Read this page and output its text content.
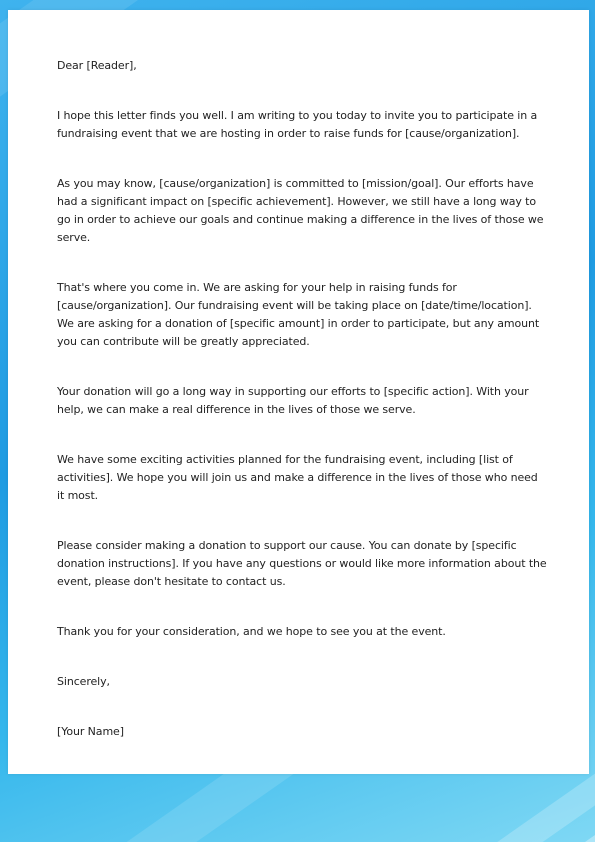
Dear [Reader],

I hope this letter finds you well. I am writing to you today to invite you to participate in a fundraising event that we are hosting in order to raise funds for [cause/organization].

As you may know, [cause/organization] is committed to [mission/goal]. Our efforts have had a significant impact on [specific achievement]. However, we still have a long way to go in order to achieve our goals and continue making a difference in the lives of those we serve.

That's where you come in. We are asking for your help in raising funds for [cause/organization]. Our fundraising event will be taking place on [date/time/location]. We are asking for a donation of [specific amount] in order to participate, but any amount you can contribute will be greatly appreciated.

Your donation will go a long way in supporting our efforts to [specific action]. With your help, we can make a real difference in the lives of those we serve.

We have some exciting activities planned for the fundraising event, including [list of activities]. We hope you will join us and make a difference in the lives of those who need it most.

Please consider making a donation to support our cause. You can donate by [specific donation instructions]. If you have any questions or would like more information about the event, please don't hesitate to contact us.

Thank you for your consideration, and we hope to see you at the event.

Sincerely,

[Your Name]
